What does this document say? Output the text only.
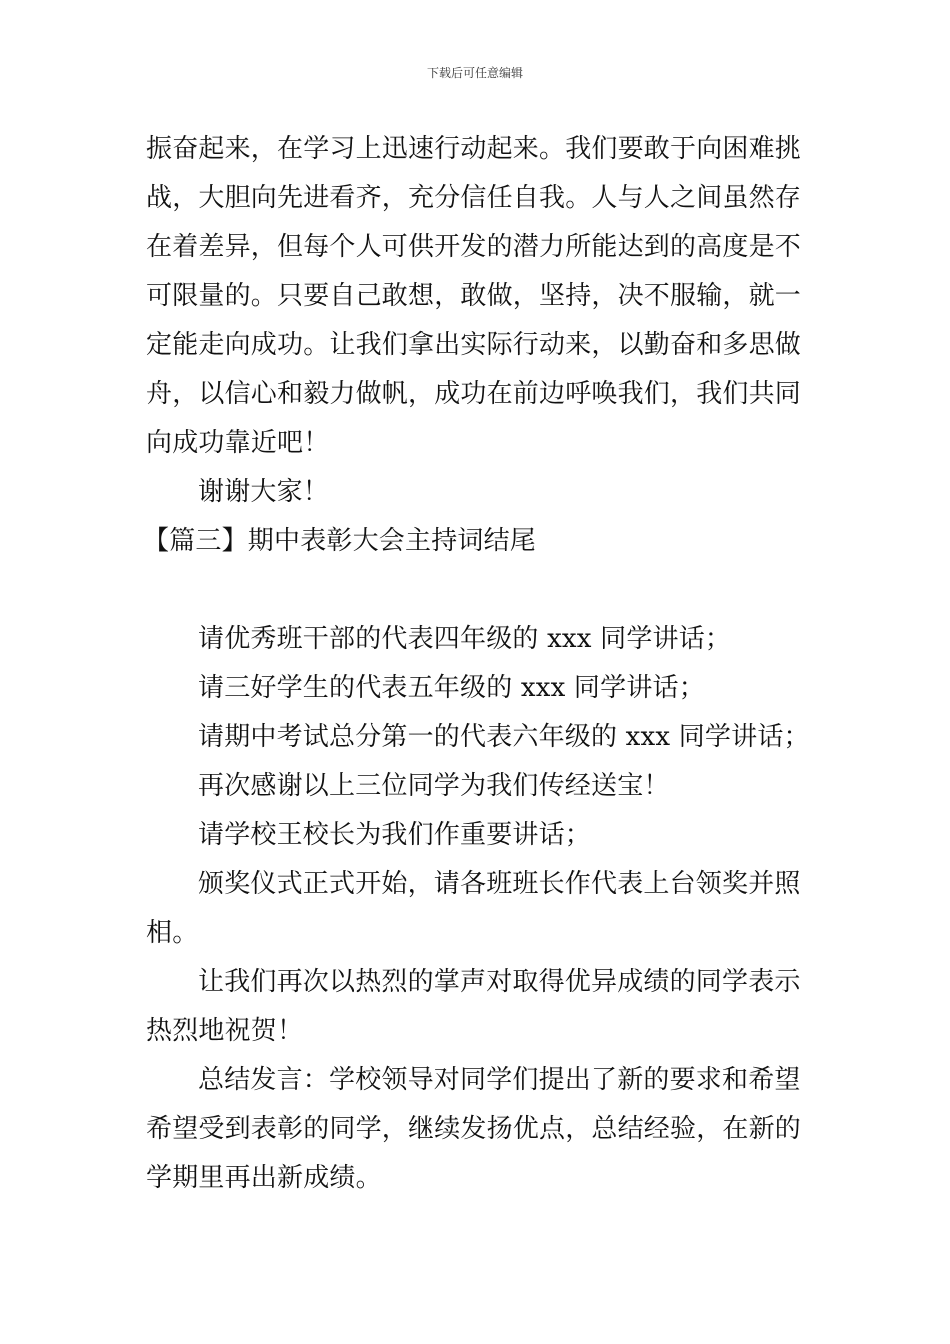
下载后可任意编辑
振奋起来，在学习上迅速行动起来。我们要敢于向困难挑
战，大胆向先进看齐，充分信任自我。人与人之间虽然存
在着差异，但每个人可供开发的潜力所能达到的高度是不
可限量的。只要自己敢想，敢做，坚持，决不服输，就一
定能走向成功。让我们拿出实际行动来，以勤奋和多思做
舟，以信心和毅力做帆，成功在前边呼唤我们，我们共同
向成功靠近吧！
谢谢大家！
【篇三】期中表彰大会主持词结尾
请优秀班干部的代表四年级的 xxx 同学讲话；
请三好学生的代表五年级的 xxx 同学讲话；
请期中考试总分第一的代表六年级的 xxx 同学讲话；
再次感谢以上三位同学为我们传经送宝！
请学校王校长为我们作重要讲话；
颁奖仪式正式开始，请各班班长作代表上台领奖并照
相。
让我们再次以热烈的掌声对取得优异成绩的同学表示
热烈地祝贺！
总结发言：学校领导对同学们提出了新的要求和希望
希望受到表彰的同学，继续发扬优点，总结经验，在新的
学期里再出新成绩。
